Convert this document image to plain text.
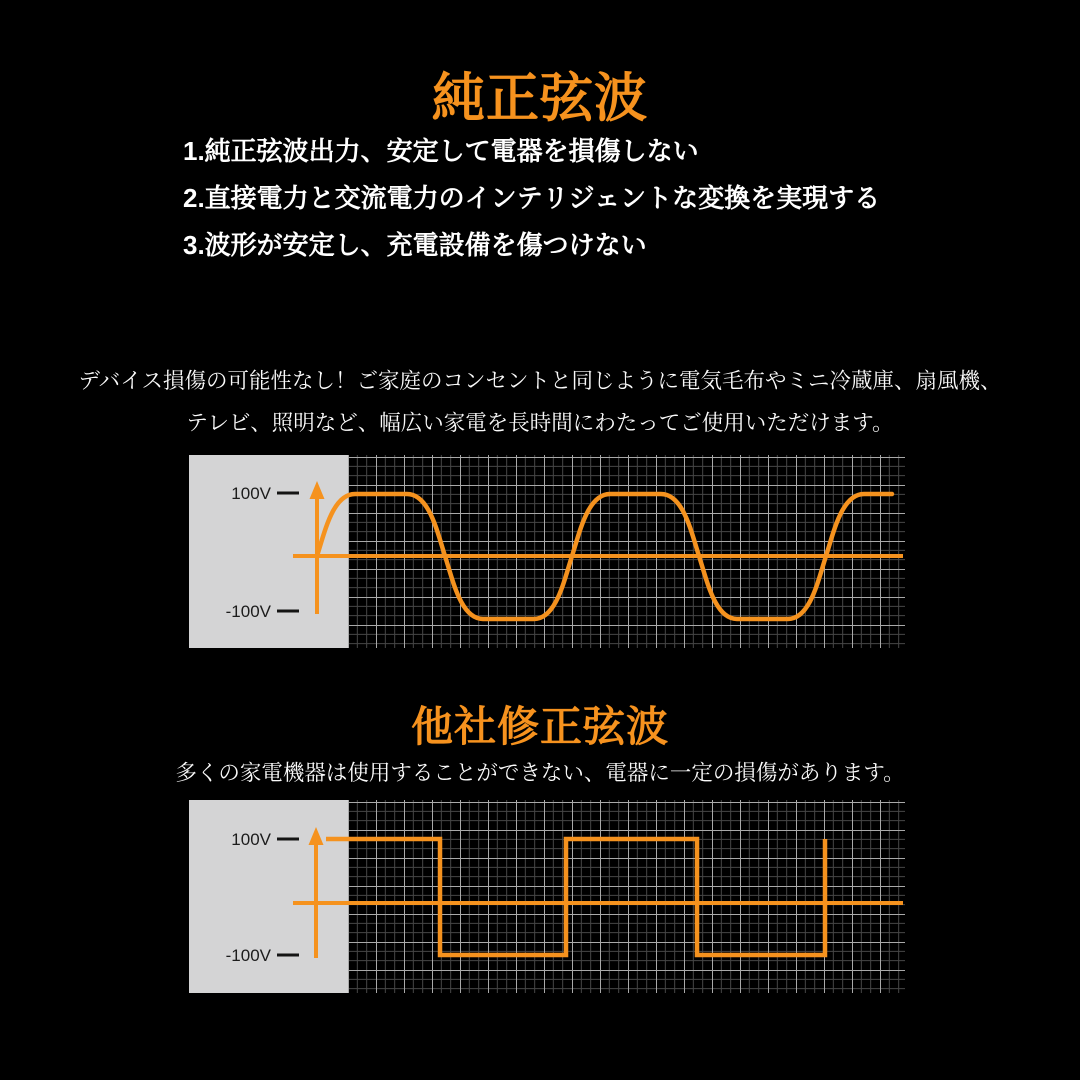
純正弦波
1.純正弦波出力、安定して電器を損傷しない
2.直接電力と交流電力のインテリジェントな変換を実現する
3.波形が安定し、充電設備を傷つけない

デバイス損傷の可能性なし！ご家庭のコンセントと同じように電気毛布やミニ冷蔵庫、扇風機、
テレビ、照明など、幅広い家電を長時間にわたってご使用いただけます。

100V
-100V
他社修正弦波

多くの家電機器は使用することができない、電器に一定の損傷があります。

100V
-100V
